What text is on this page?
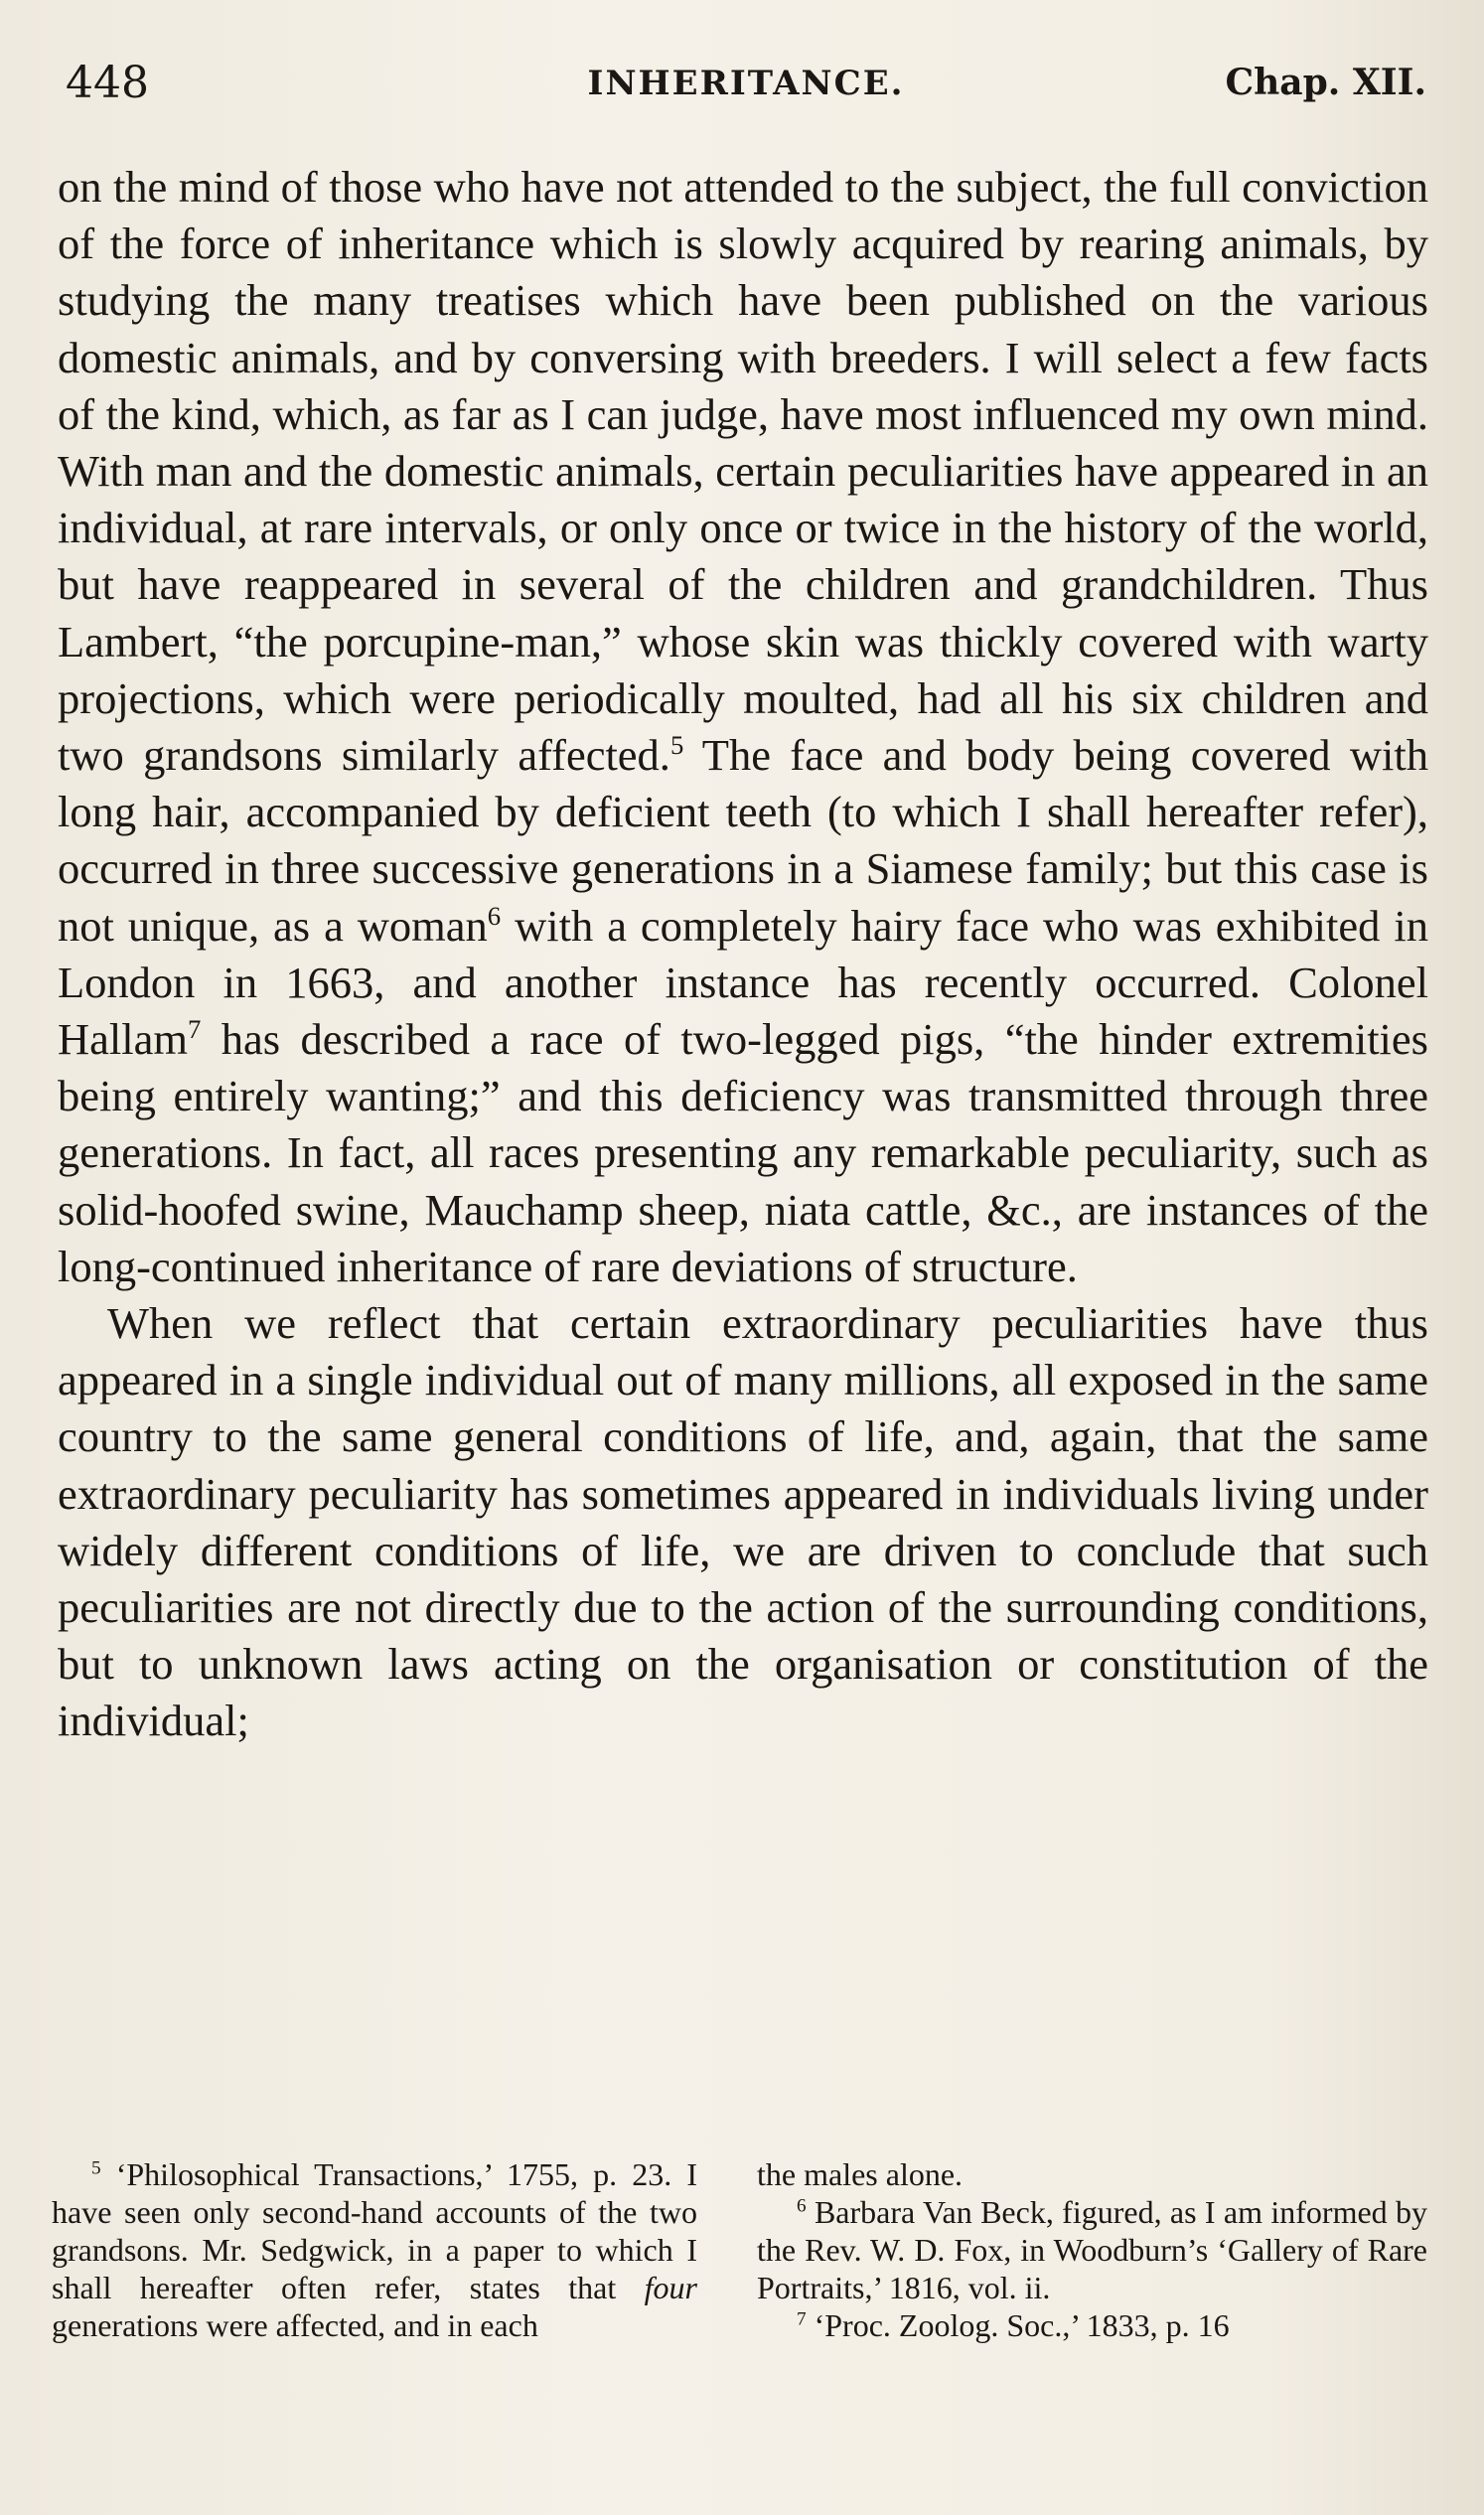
448	INHERITANCE.	Chap. XII.

on the mind of those who have not attended to the subject, the full conviction of the force of inheritance which is slowly acquired by rearing animals, by studying the many treatises which have been published on the various domestic animals, and by conversing with breeders. I will select a few facts of the kind, which, as far as I can judge, have most influenced my own mind. With man and the domestic animals, certain peculiarities have appeared in an individual, at rare intervals, or only once or twice in the history of the world, but have reappeared in several of the children and grandchildren. Thus Lambert, “the porcupine-man,” whose skin was thickly covered with warty projections, which were periodically moulted, had all his six children and two grandsons similarly affected.$^5$ The face and body being covered with long hair, accompanied by deficient teeth (to which I shall hereafter refer), occurred in three successive generations in a Siamese family; but this case is not unique, as a woman$^6$ with a completely hairy face who was exhibited in London in 1663, and another instance has recently occurred. Colonel Hallam$^7$ has described a race of two-legged pigs, “the hinder extremities being entirely wanting;” and this deficiency was transmitted through three generations. In fact, all races presenting any remarkable peculiarity, such as solid-hoofed swine, Mauchamp sheep, niata cattle, &c., are instances of the long-continued inheritance of rare deviations of structure.

When we reflect that certain extraordinary peculiarities have thus appeared in a single individual out of many millions, all exposed in the same country to the same general conditions of life, and, again, that the same extraordinary peculiarity has sometimes appeared in individuals living under widely different conditions of life, we are driven to conclude that such peculiarities are not directly due to the action of the surrounding conditions, but to unknown laws acting on the organisation or constitution of the individual;

$^5$ ‘Philosophical Transactions,’ 1755, p. 23. I have seen only second-hand accounts of the two grandsons. Mr. Sedgwick, in a paper to which I shall hereafter often refer, states that four generations were affected, and in each

the males alone.

$^6$ Barbara Van Beck, figured, as I am informed by the Rev. W. D. Fox, in Woodburn’s ‘Gallery of Rare Portraits,’ 1816, vol. ii.

$^7$ ‘Proc. Zoolog. Soc.,’ 1833, p. 16
